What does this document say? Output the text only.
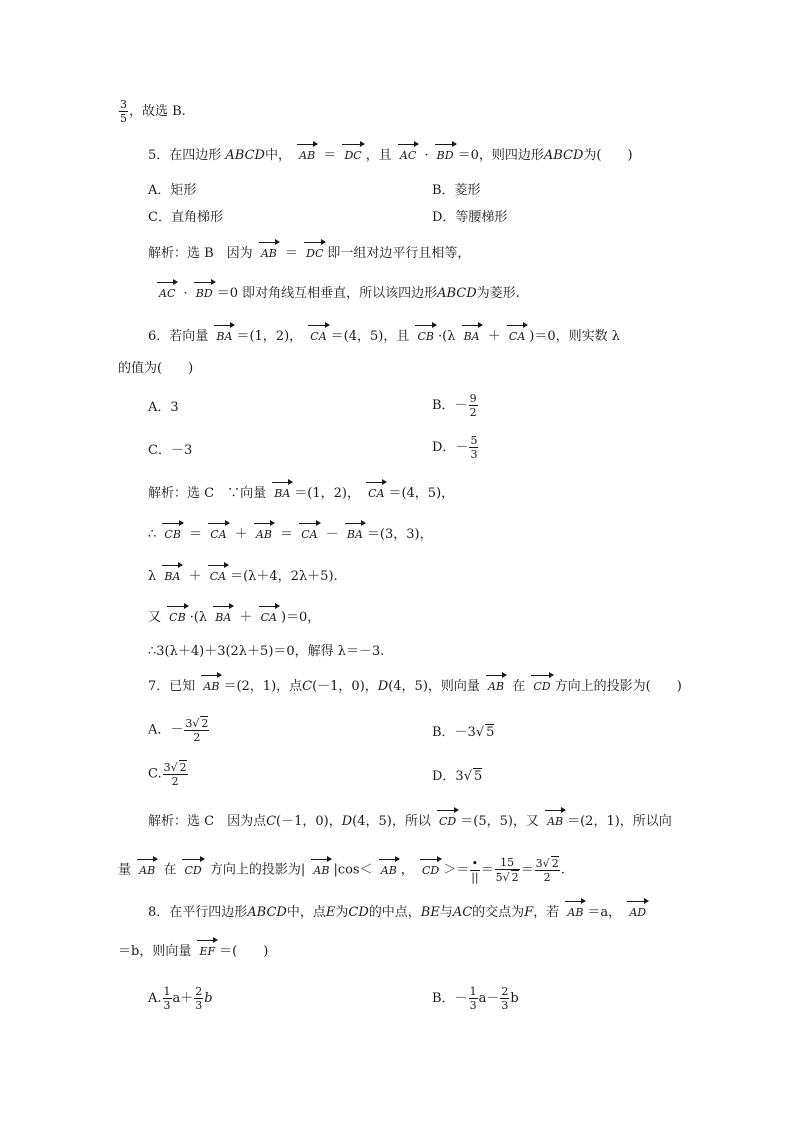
$\frac{3}{5}$ ，故选 B.
5．在四边形 ABCD中， AB ＝ DC ，且 AC · BD ＝0，则四边形ABCD为(　　)
A．矩形	B．菱形
C．直角梯形	D．等腰梯形
解析：选 B　因为 AB ＝ DC 即一组对边平行且相等，
AC · BD ＝0 即对角线互相垂直，所以该四边形ABCD为菱形.
6．若向量 BA ＝(1，2)， CA ＝(4，5)，且 CB ·(λ BA ＋ CA )＝0，则实数 λ
的值为(　　)
A．3	B．－ $\frac{9}{2}$
C．－3	D．－ $\frac{5}{3}$
解析：选 C　∵向量 BA ＝(1，2)， CA ＝(4，5)，
∴ CB ＝ CA ＋ AB ＝ CA － BA ＝(3，3)，
λ BA ＋ CA ＝(λ＋4，2λ＋5).
又 CB ·(λ BA ＋ CA )＝0，
∴3(λ＋4)＋3(2λ＋5)＝0，解得 λ＝－3.
7．已知 AB ＝(2，1)，点C(－1，0)，D(4，5)，则向量 AB 在 CD 方向上的投影为(　　)
A．－ $\frac{3√ 2}{2}$	B．－3√ 5
C. $\frac{3√ 2}{2}$	D．3√ 5
解析：选 C　因为点C(－1，0)，D(4，5)，所以 CD ＝(5，5)，又 AB ＝(2，1)，所以向
量 AB 在 CD 方向上的投影为| AB |cos＜ AB ， CD ＞＝ $\frac{•}{||} = \frac{15}{5√ 2} = \frac{3√ 2}{2}$ .
8．在平行四边形ABCD中，点E为CD的中点，BE与AC的交点为F，若 AB ＝a， AD
＝b，则向量 EF ＝(　　)
A. $\frac{1}{3} a+ \frac{2}{3}$ b	B．－ $\frac{1}{3} a- \frac{2}{3}$ b
